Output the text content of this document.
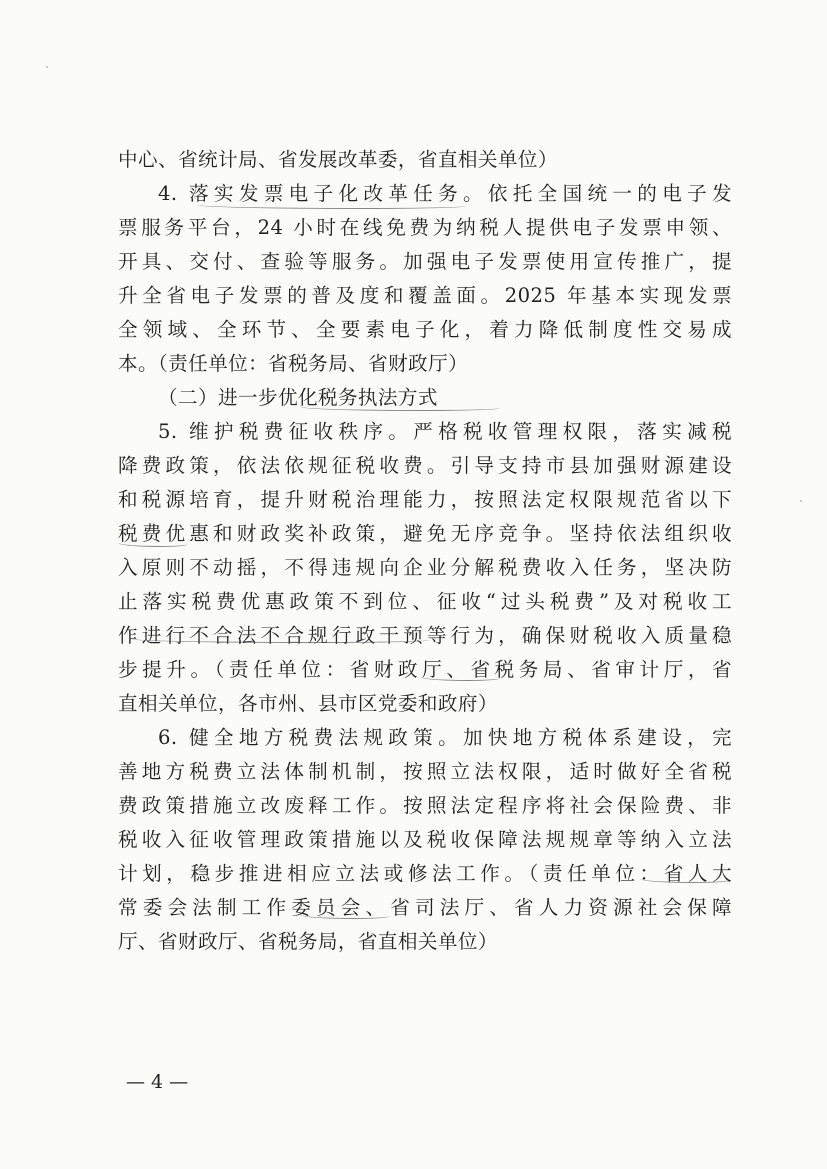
中心、省统计局、省发展改革委，省直相关单位）
4. 落实发票电子化改革任务。依托全国统一的电子发
票服务平台，24 小时在线免费为纳税人提供电子发票申领、
开具、交付、查验等服务。加强电子发票使用宣传推广，提
升全省电子发票的普及度和覆盖面。2025 年基本实现发票
全领域、全环节、全要素电子化，着力降低制度性交易成
本。（责任单位：省税务局、省财政厅）
（二）进一步优化税务执法方式
5. 维护税费征收秩序。严格税收管理权限，落实减税
降费政策，依法依规征税收费。引导支持市县加强财源建设
和税源培育，提升财税治理能力，按照法定权限规范省以下
税费优惠和财政奖补政策，避免无序竞争。坚持依法组织收
入原则不动摇，不得违规向企业分解税费收入任务，坚决防
止落实税费优惠政策不到位、征收“过头税费”及对税收工
作进行不合法不合规行政干预等行为，确保财税收入质量稳
步提升。（责任单位：省财政厅、省税务局、省审计厅，省
直相关单位，各市州、县市区党委和政府）
6. 健全地方税费法规政策。加快地方税体系建设，完
善地方税费立法体制机制，按照立法权限，适时做好全省税
费政策措施立改废释工作。按照法定程序将社会保险费、非
税收入征收管理政策措施以及税收保障法规规章等纳入立法
计划，稳步推进相应立法或修法工作。（责任单位：省人大
常委会法制工作委员会、省司法厅、省人力资源社会保障
厅、省财政厅、省税务局，省直相关单位）
— 4 —
